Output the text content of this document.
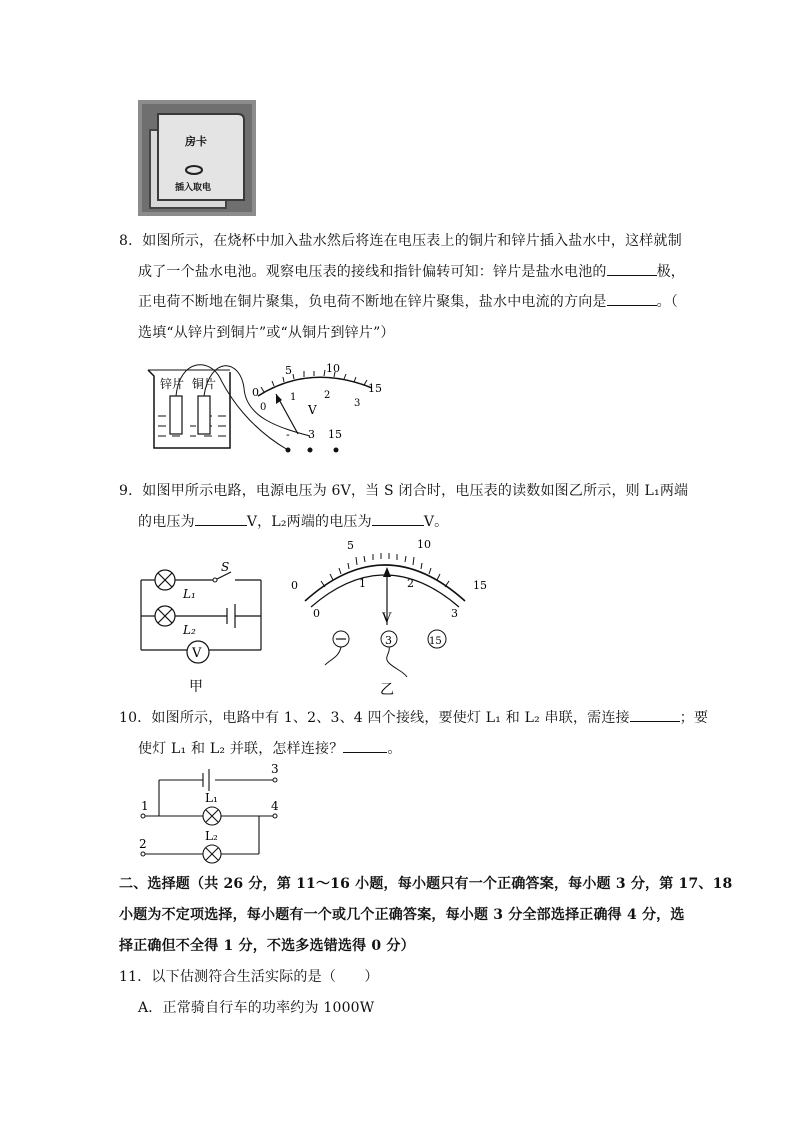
房卡
插入取电
8．如图所示，在烧杯中加入盐水然后将连在电压表上的铜片和锌片插入盐水中，这样就制
成了一个盐水电池。观察电压表的接线和指针偏转可知：锌片是盐水电池的	极，
正电荷不断地在铜片聚集，负电荷不断地在锌片聚集，盐水中电流的方向是	。（
选填“从锌片到铜片”或“从铜片到锌片”）
锌片 铜片
0
5	10
15
0
1	2
3
V
- 3 15
9．如图甲所示电路，电源电压为 6V，当 S 闭合时，电压表的读数如图乙所示，则 L₁两端
的电压为	V，L₂两端的电压为	V。
S
L₁
L₂
V
甲
0
5	10
15
0
1	2
3
V
3	15
乙
10．如图所示，电路中有 1、2、3、4 四个接线，要使灯 L₁ 和 L₂ 串联，需连接	；要
使灯 L₁ 和 L₂ 并联，怎样连接？	。
1
2
3
4
L₁
L₂
二、选择题（共 26 分，第 11～16 小题，每小题只有一个正确答案，每小题 3 分，第 17、18
小题为不定项选择，每小题有一个或几个正确答案，每小题 3 分全部选择正确得 4 分，选
择正确但不全得 1 分，不选多选错选得 0 分）
11．以下估测符合生活实际的是（　　）
A．正常骑自行车的功率约为 1000W
